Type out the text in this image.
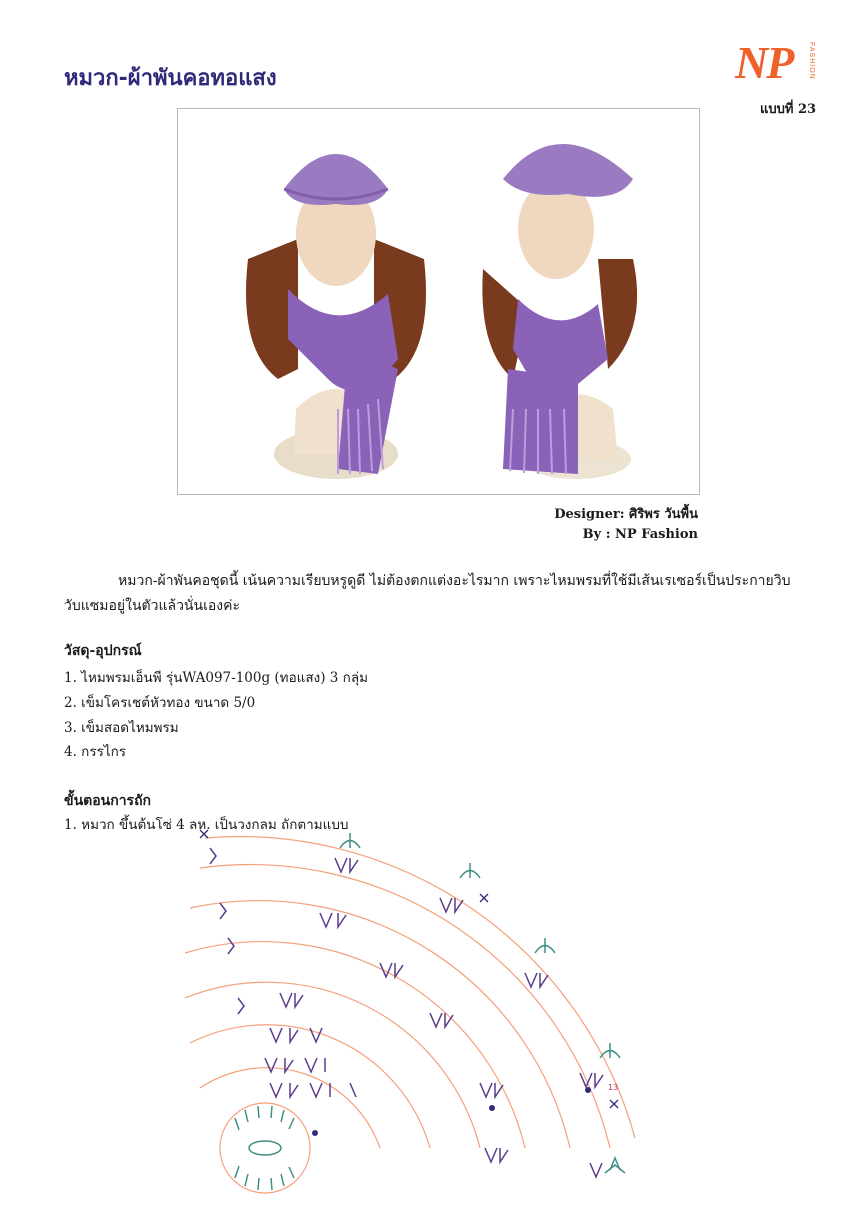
หมวก-ผ้าพันคอทอแสง	NP FASHION
แบบที่ 23
Designer: ศิริพร วันพื้น
By : NP Fashion
หมวก-ผ้าพันคอชุดนี้ เน้นความเรียบหรูดูดี ไม่ต้องตกแต่งอะไรมาก เพราะไหมพรมที่ใช้มีเส้นเรเซอร์เป็นประกายวิบวับแซมอยู่ในตัวแล้วนั่นเองค่ะ
วัสดุ-อุปกรณ์
1. ไหมพรมเอ็นพี รุ่นWA097-100g (ทอแสง) 3 กลุ่ม
2. เข็มโครเชต์หัวทอง ขนาด 5/0
3. เข็มสอดไหมพรม
4. กรรไกร
ขั้นตอนการถัก
1. หมวก ขึ้นต้นโซ่ 4 ลห. เป็นวงกลม ถักตามแบบ
13
